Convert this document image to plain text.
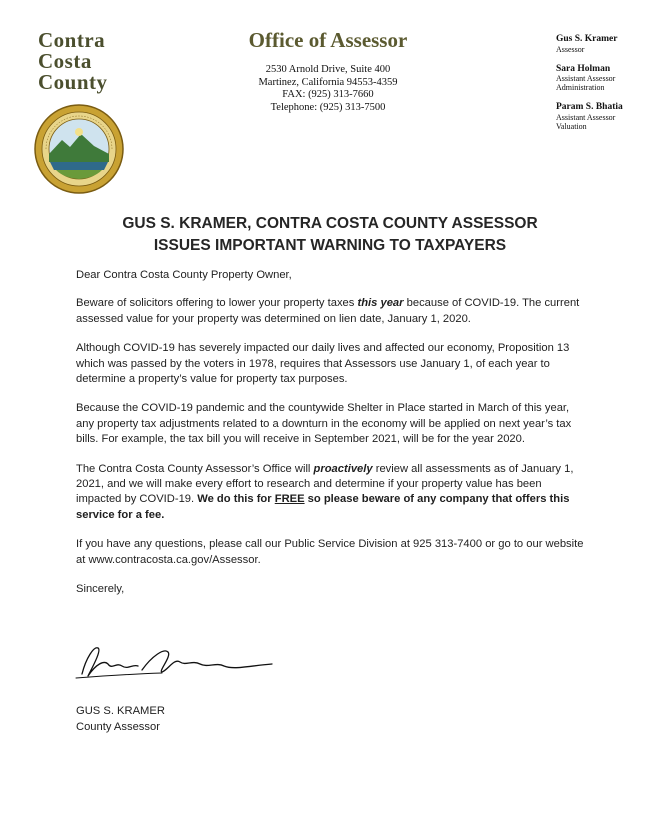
Contra
Costa
County
Office of Assessor
2530 Arnold Drive, Suite 400
Martinez, California 94553-4359
FAX: (925) 313-7660
Telephone: (925) 313-7500
Gus S. Kramer
Assessor
Sara Holman
Assistant Assessor
Administration
Param S. Bhatia
Assistant Assessor
Valuation
GUS S. KRAMER, CONTRA COSTA COUNTY ASSESSOR
ISSUES IMPORTANT WARNING TO TAXPAYERS

Dear Contra Costa County Property Owner,

Beware of solicitors offering to lower your property taxes this year because of COVID-19. The current assessed value for your property was determined on lien date, January 1, 2020.

Although COVID-19 has severely impacted our daily lives and affected our economy, Proposition 13 which was passed by the voters in 1978, requires that Assessors use January 1, of each year to determine a property’s value for property tax purposes.

Because the COVID-19 pandemic and the countywide Shelter in Place started in March of this year, any property tax adjustments related to a downturn in the economy will be applied on next year’s tax bills. For example, the tax bill you will receive in September 2021, will be for the year 2020.

The Contra Costa County Assessor’s Office will proactively review all assessments as of January 1, 2021, and we will make every effort to research and determine if your property value has been impacted by COVID-19. We do this for FREE so please beware of any company that offers this service for a fee.

If you have any questions, please call our Public Service Division at 925 313-7400 or go to our website at www.contracosta.ca.gov/Assessor.

Sincerely,

GUS S. KRAMER
County Assessor
